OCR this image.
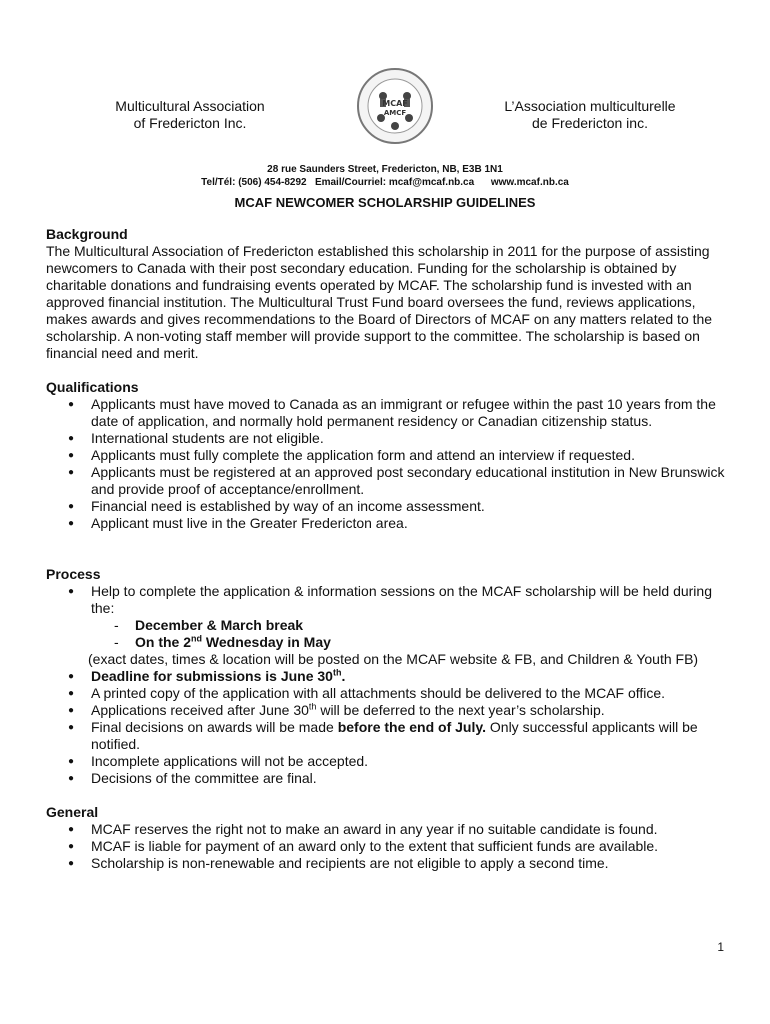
Multicultural Association
of Fredericton Inc.
MCAF
AMCF	L’Association multiculturelle
de Fredericton inc.
28 rue Saunders Street, Fredericton, NB, E3B 1N1
Tel/Tél: (506) 454-8292 Email/Courriel: mcaf@mcaf.nb.ca www.mcaf.nb.ca
MCAF NEWCOMER SCHOLARSHIP GUIDELINES
Background

The Multicultural Association of Fredericton established this scholarship in 2011 for the purpose of assisting newcomers to Canada with their post secondary education. Funding for the scholarship is obtained by charitable donations and fundraising events operated by MCAF. The scholarship fund is invested with an approved financial institution. The Multicultural Trust Fund board oversees the fund, reviews applications, makes awards and gives recommendations to the Board of Directors of MCAF on any matters related to the scholarship. A non-voting staff member will provide support to the committee. The scholarship is based on financial need and merit.

Qualifications
● Applicants must have moved to Canada as an immigrant or refugee within the past 10 years from the date of application, and normally hold permanent residency or Canadian citizenship status.
● International students are not eligible.
● Applicants must fully complete the application form and attend an interview if requested.
● Applicants must be registered at an approved post secondary educational institution in New Brunswick and provide proof of acceptance/enrollment.
● Financial need is established by way of an income assessment.
● Applicant must live in the Greater Fredericton area.
Process
● Help to complete the application & information sessions on the MCAF scholarship will be held during the:
- December & March break
- On the 2nd Wednesday in May
(exact dates, times & location will be posted on the MCAF website & FB, and Children & Youth FB)
● Deadline for submissions is June 30th.
● A printed copy of the application with all attachments should be delivered to the MCAF office.
● Applications received after June 30th will be deferred to the next year’s scholarship.
● Final decisions on awards will be made before the end of July. Only successful applicants will be notified.
● Incomplete applications will not be accepted.
● Decisions of the committee are final.
General
● MCAF reserves the right not to make an award in any year if no suitable candidate is found.
● MCAF is liable for payment of an award only to the extent that sufficient funds are available.
● Scholarship is non-renewable and recipients are not eligible to apply a second time.
1
